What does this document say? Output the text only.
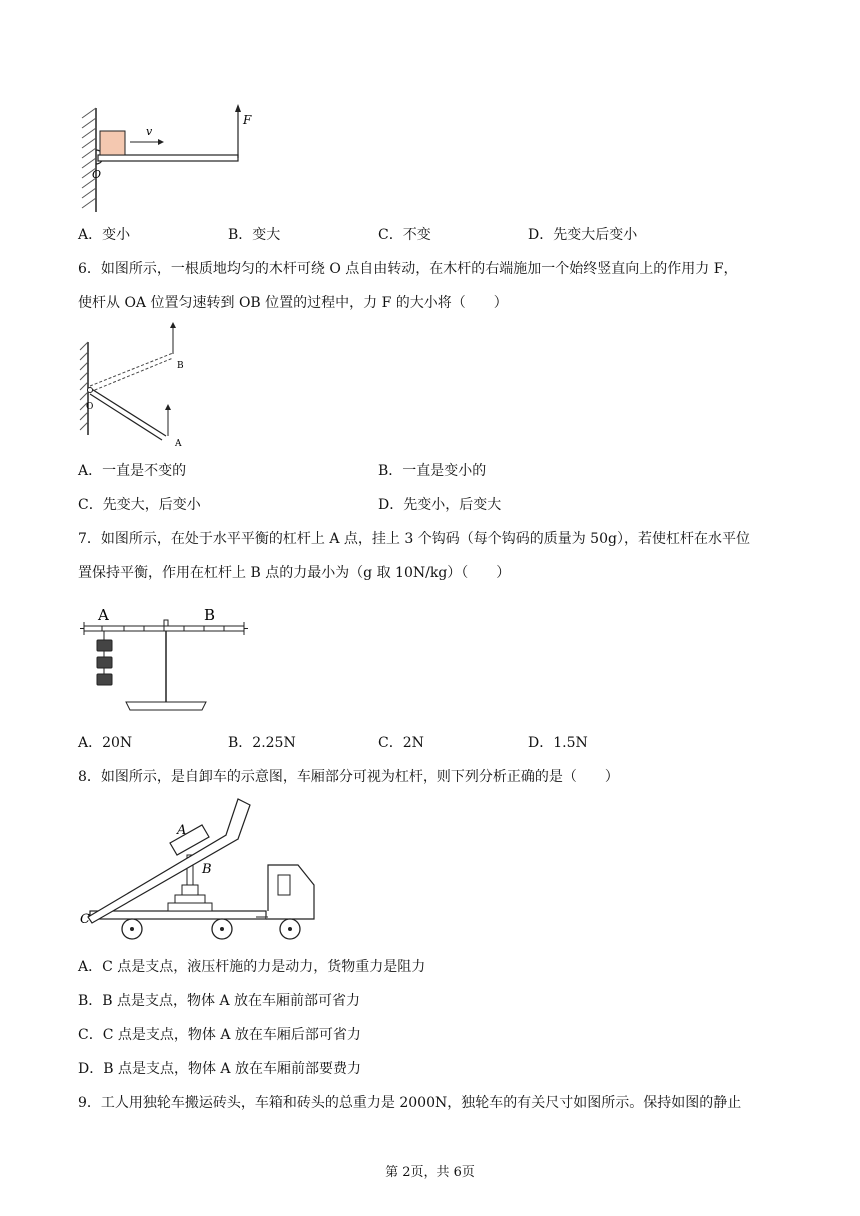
v
F
O
A．变小	B．变大	C．不变	D．先变大后变小
6．如图所示，一根质地均匀的木杆可绕 O 点自由转动，在木杆的右端施加一个始终竖直向上的作用力 F，
使杆从 OA 位置匀速转到 OB 位置的过程中，力 F 的大小将（　　）
B
O
A
A．一直是不变的	B．一直是变小的
C．先变大，后变小	D．先变小，后变大
7．如图所示，在处于水平平衡的杠杆上 A 点，挂上 3 个钩码（每个钩码的质量为 50g），若使杠杆在水平位
置保持平衡，作用在杠杆上 B 点的力最小为（g 取 10N/kg）（　　）
A	B
A．20N	B．2.25N	C．2N	D．1.5N
8．如图所示，是自卸车的示意图，车厢部分可视为杠杆，则下列分析正确的是（　　）
A
B
C
A．C 点是支点，液压杆施的力是动力，货物重力是阻力
B．B 点是支点，物体 A 放在车厢前部可省力
C．C 点是支点，物体 A 放在车厢后部可省力
D．B 点是支点，物体 A 放在车厢前部要费力
9．工人用独轮车搬运砖头，车箱和砖头的总重力是 2000N，独轮车的有关尺寸如图所示。保持如图的静止
第 2页，共 6页
